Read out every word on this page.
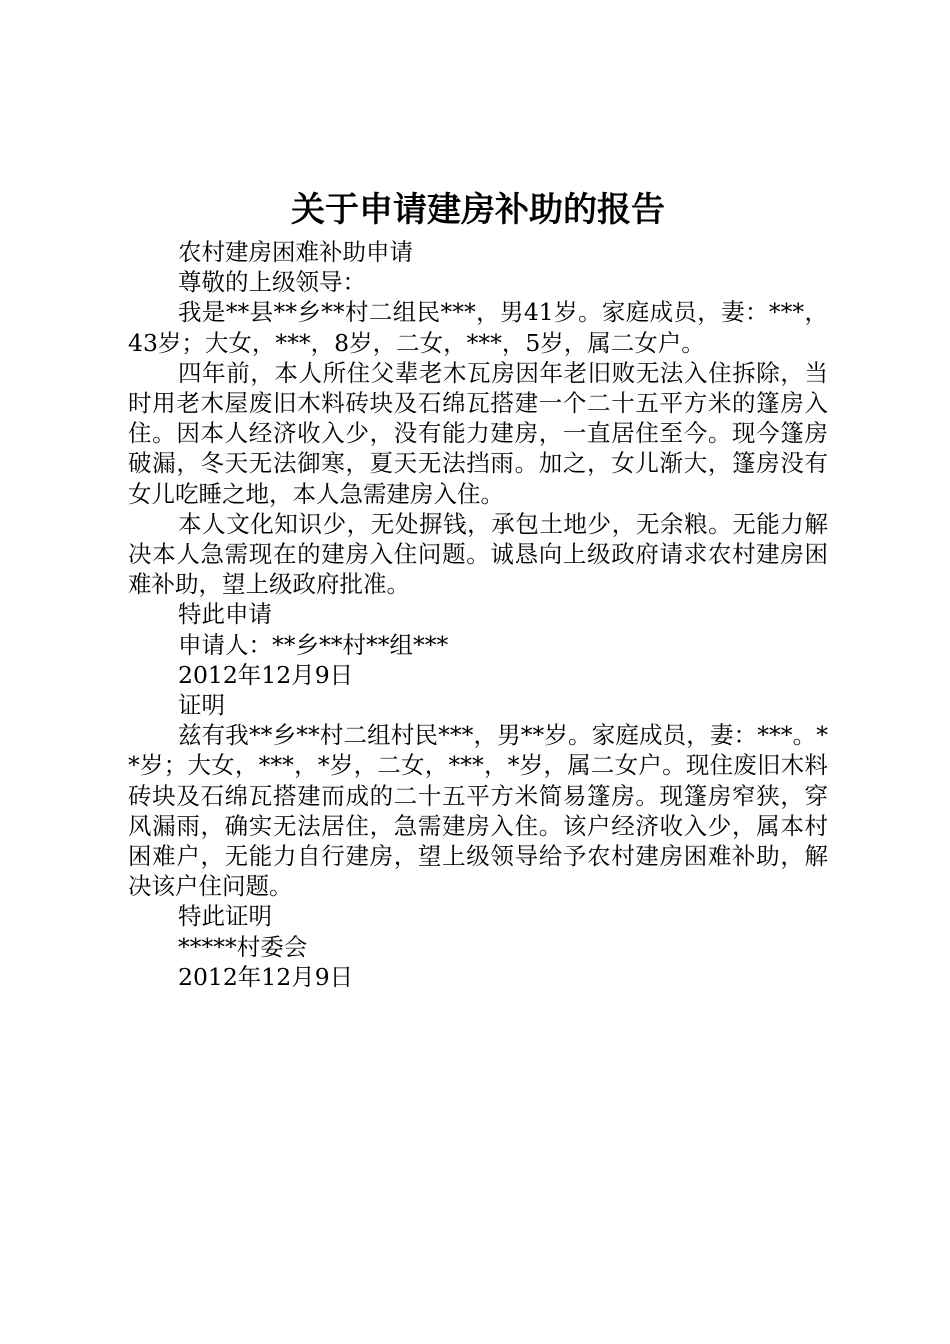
关于申请建房补助的报告

农村建房困难补助申请

尊敬的上级领导：

我是**县**乡**村二组民***，男41岁。家庭成员，妻：***，43岁；大女，***，8岁，二女，***，5岁，属二女户。

四年前，本人所住父辈老木瓦房因年老旧败无法入住拆除，当时用老木屋废旧木料砖块及石绵瓦搭建一个二十五平方米的篷房入住。因本人经济收入少，没有能力建房，一直居住至今。现今篷房破漏，冬天无法御寒，夏天无法挡雨。加之，女儿渐大，篷房没有女儿吃睡之地，本人急需建房入住。

本人文化知识少，无处摒钱，承包土地少，无余粮。无能力解决本人急需现在的建房入住问题。诚恳向上级政府请求农村建房困难补助，望上级政府批准。

特此申请

申请人：**乡**村**组***

2012年12月9日

证明

兹有我**乡**村二组村民***，男**岁。家庭成员，妻：***。**岁；大女，***，*岁，二女，***，*岁，属二女户。现住废旧木料砖块及石绵瓦搭建而成的二十五平方米简易篷房。现篷房窄狭，穿风漏雨，确实无法居住，急需建房入住。该户经济收入少，属本村困难户，无能力自行建房，望上级领导给予农村建房困难补助，解决该户住问题。

特此证明

*****村委会

2012年12月9日
